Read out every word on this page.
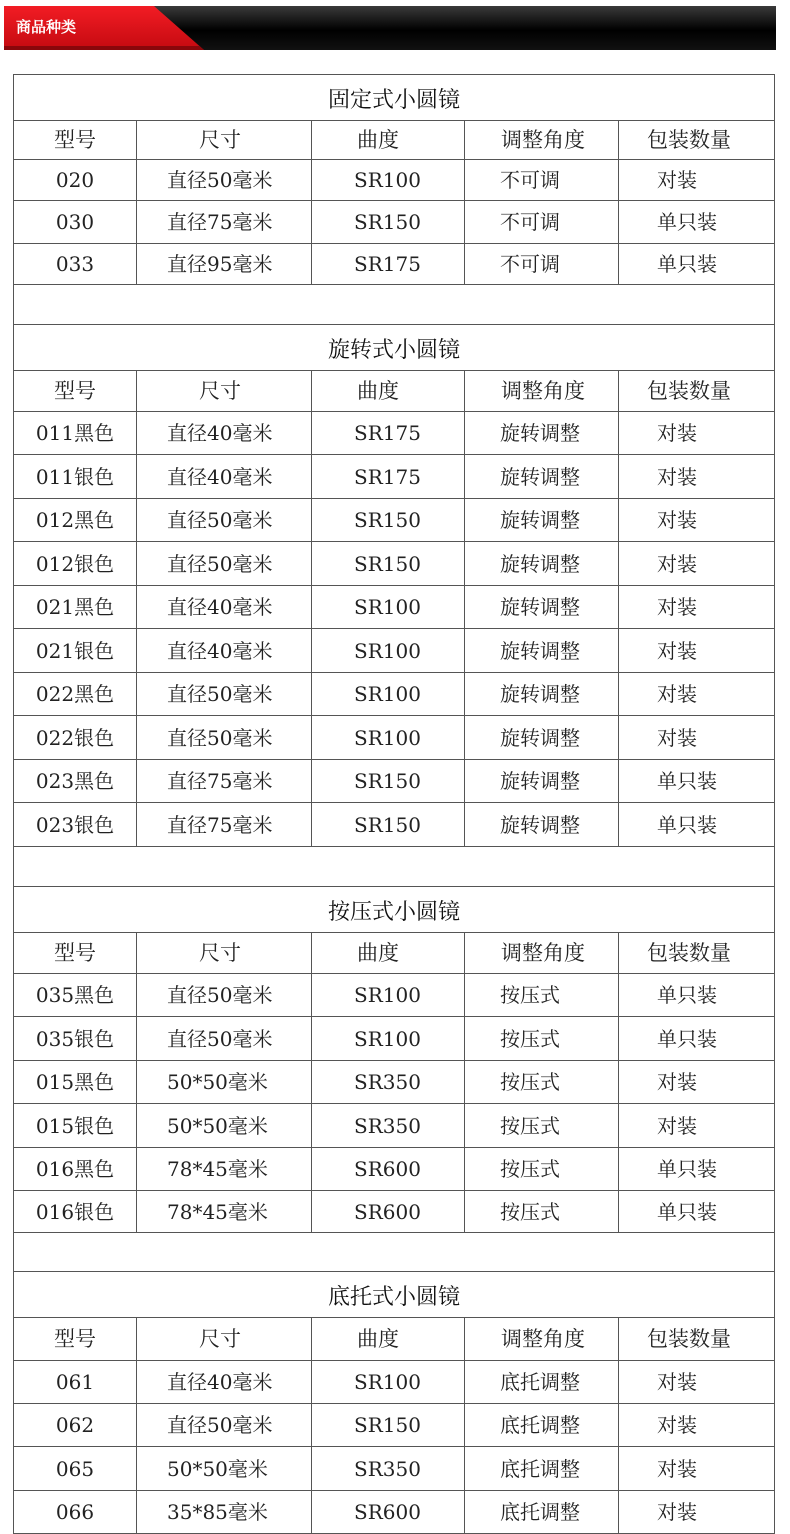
商品种类
固定式小圆镜
型号	尺寸	曲度	调整角度	包装数量
020	直径50毫米	SR100	不可调	对装
030	直径75毫米	SR150	不可调	单只装
033	直径95毫米	SR175	不可调	单只装
旋转式小圆镜
型号	尺寸	曲度	调整角度	包装数量
011黑色	直径40毫米	SR175	旋转调整	对装
011银色	直径40毫米	SR175	旋转调整	对装
012黑色	直径50毫米	SR150	旋转调整	对装
012银色	直径50毫米	SR150	旋转调整	对装
021黑色	直径40毫米	SR100	旋转调整	对装
021银色	直径40毫米	SR100	旋转调整	对装
022黑色	直径50毫米	SR100	旋转调整	对装
022银色	直径50毫米	SR100	旋转调整	对装
023黑色	直径75毫米	SR150	旋转调整	单只装
023银色	直径75毫米	SR150	旋转调整	单只装
按压式小圆镜
型号	尺寸	曲度	调整角度	包装数量
035黑色	直径50毫米	SR100	按压式	单只装
035银色	直径50毫米	SR100	按压式	单只装
015黑色	50*50毫米	SR350	按压式	对装
015银色	50*50毫米	SR350	按压式	对装
016黑色	78*45毫米	SR600	按压式	单只装
016银色	78*45毫米	SR600	按压式	单只装
底托式小圆镜
型号	尺寸	曲度	调整角度	包装数量
061	直径40毫米	SR100	底托调整	对装
062	直径50毫米	SR150	底托调整	对装
065	50*50毫米	SR350	底托调整	对装
066	35*85毫米	SR600	底托调整	对装
